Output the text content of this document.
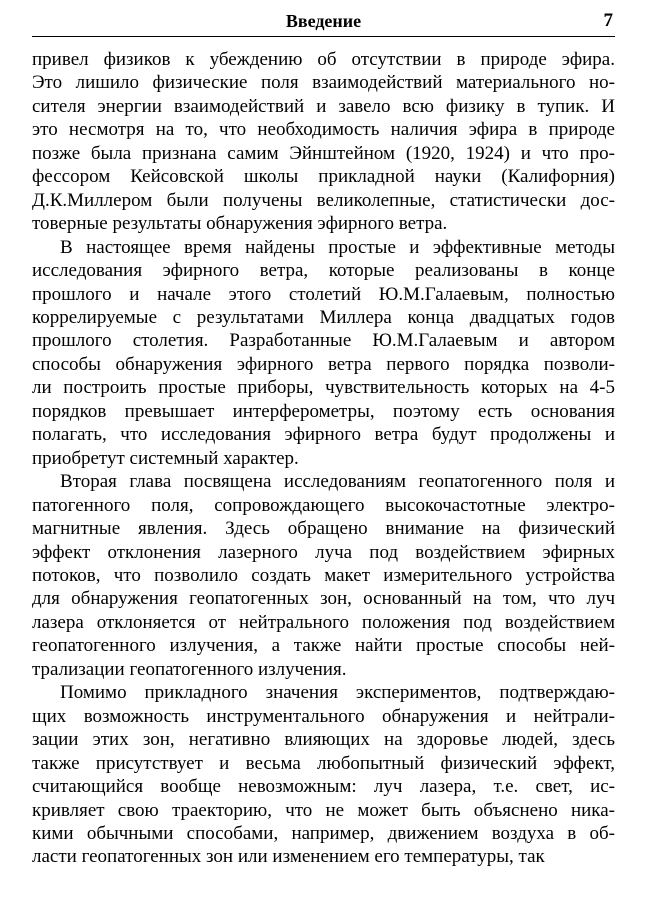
Введение	7

привел физиков к убеждению об отсутствии в природе эфира.
Это лишило физические поля взаимодействий материального но-
сителя энергии взаимодействий и завело всю физику в тупик. И
это несмотря на то, что необходимость наличия эфира в природе
позже была признана самим Эйнштейном (1920, 1924) и что про-
фессором Кейсовской школы прикладной науки (Калифорния)
Д.К.Миллером были получены великолепные, статистически дос-
товерные результаты обнаружения эфирного ветра.

В настоящее время найдены простые и эффективные методы
исследования эфирного ветра, которые реализованы в конце
прошлого и начале этого столетий Ю.М.Галаевым, полностью
коррелируемые с результатами Миллера конца двадцатых годов
прошлого столетия. Разработанные Ю.М.Галаевым и автором
способы обнаружения эфирного ветра первого порядка позволи-
ли построить простые приборы, чувствительность которых на 4-5
порядков превышает интерферометры, поэтому есть основания
полагать, что исследования эфирного ветра будут продолжены и
приобретут системный характер.

Вторая глава посвящена исследованиям геопатогенного поля и
патогенного поля, сопровождающего высокочастотные электро-
магнитные явления. Здесь обращено внимание на физический
эффект отклонения лазерного луча под воздействием эфирных
потоков, что позволило создать макет измерительного устройства
для обнаружения геопатогенных зон, основанный на том, что луч
лазера отклоняется от нейтрального положения под воздействием
геопатогенного излучения, а также найти простые способы ней-
трализации геопатогенного излучения.

Помимо прикладного значения экспериментов, подтверждаю-
щих возможность инструментального обнаружения и нейтрали-
зации этих зон, негативно влияющих на здоровье людей, здесь
также присутствует и весьма любопытный физический эффект,
считающийся вообще невозможным: луч лазера, т.е. свет, ис-
кривляет свою траекторию, что не может быть объяснено ника-
кими обычными способами, например, движением воздуха в об-
ласти геопатогенных зон или изменением его температуры, так
